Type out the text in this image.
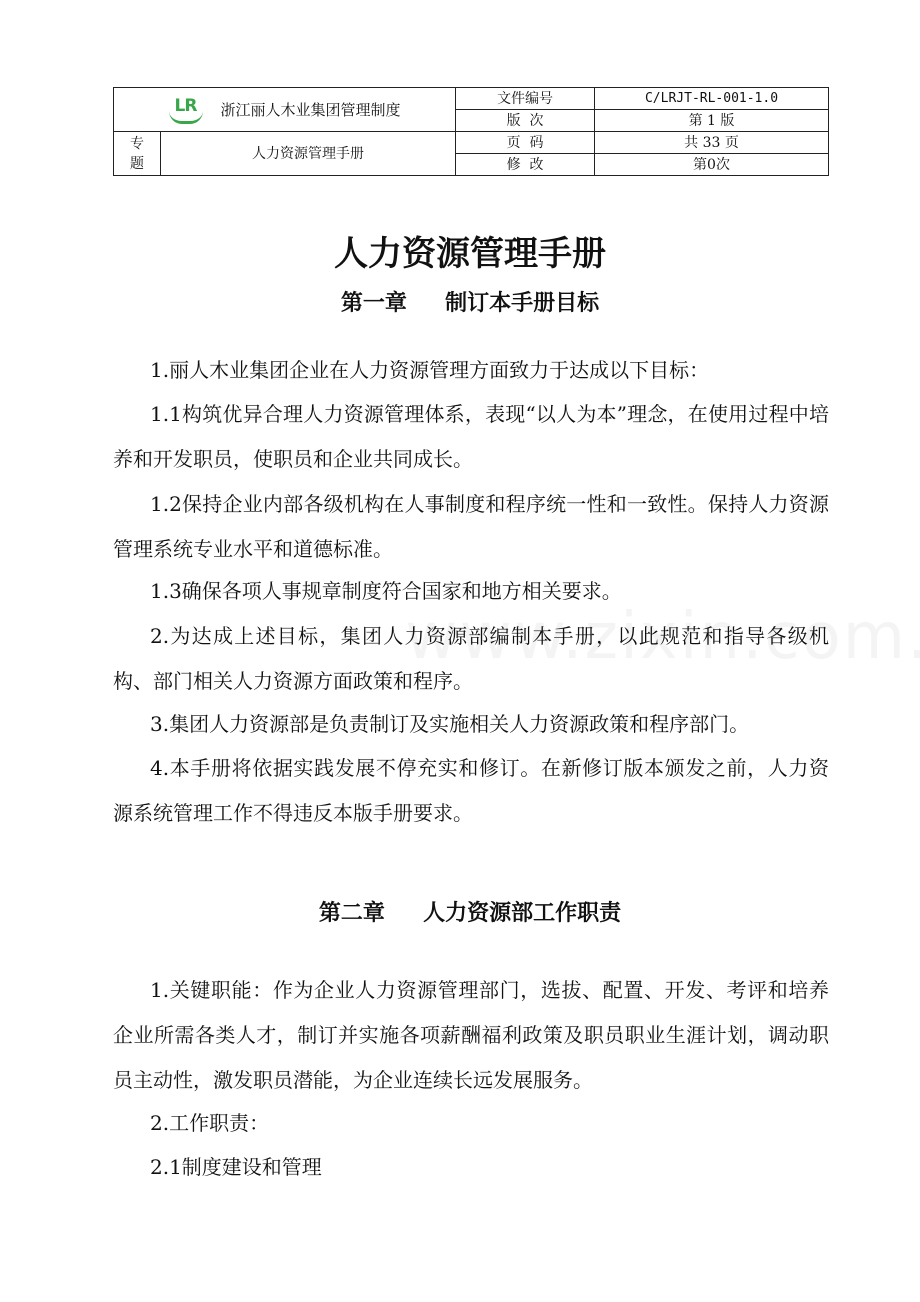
LR 浙江丽人木业集团管理制度		文件编号	C/LRJT-RL-001-1.0
		版  次	第 1 版

专
题	人力资源管理手册	页  码	共 33 页
		修  改	第0次
人力资源管理手册
第一章     制订本手册目标

1.丽人木业集团企业在人力资源管理方面致力于达成以下目标：

1.1构筑优异合理人力资源管理体系，表现“以人为本”理念，在使用过程中培养和开发职员，使职员和企业共同成长。

1.2保持企业内部各级机构在人事制度和程序统一性和一致性。保持人力资源管理系统专业水平和道德标准。

1.3确保各项人事规章制度符合国家和地方相关要求。

2.为达成上述目标，集团人力资源部编制本手册，以此规范和指导各级机构、部门相关人力资源方面政策和程序。

3.集团人力资源部是负责制订及实施相关人力资源政策和程序部门。

4.本手册将依据实践发展不停充实和修订。在新修订版本颁发之前，人力资源系统管理工作不得违反本版手册要求。

第二章     人力资源部工作职责

1.关键职能：作为企业人力资源管理部门，选拔、配置、开发、考评和培养企业所需各类人才，制订并实施各项薪酬福利政策及职员职业生涯计划，调动职员主动性，激发职员潜能，为企业连续长远发展服务。

2.工作职责：

2.1制度建设和管理
